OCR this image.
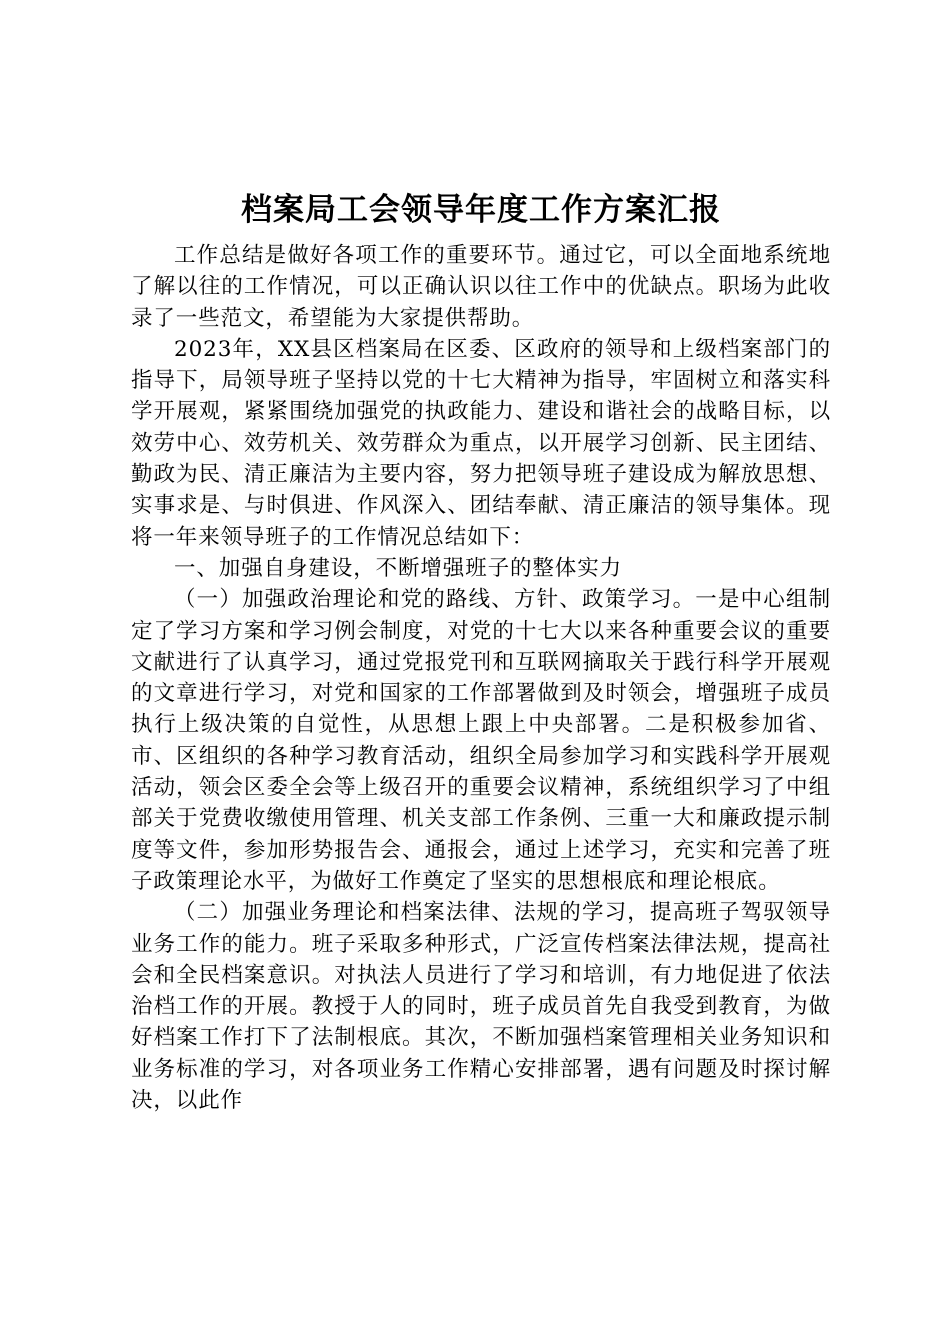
档案局工会领导年度工作方案汇报

工作总结是做好各项工作的重要环节。通过它，可以全面地系统地了解以往的工作情况，可以正确认识以往工作中的优缺点。职场为此收录了一些范文，希望能为大家提供帮助。

2023年，XX县区档案局在区委、区政府的领导和上级档案部门的指导下，局领导班子坚持以党的十七大精神为指导，牢固树立和落实科学开展观，紧紧围绕加强党的执政能力、建设和谐社会的战略目标，以效劳中心、效劳机关、效劳群众为重点，以开展学习创新、民主团结、勤政为民、清正廉洁为主要内容，努力把领导班子建设成为解放思想、实事求是、与时俱进、作风深入、团结奉献、清正廉洁的领导集体。现将一年来领导班子的工作情况总结如下：

一、加强自身建设，不断增强班子的整体实力

（一）加强政治理论和党的路线、方针、政策学习。一是中心组制定了学习方案和学习例会制度，对党的十七大以来各种重要会议的重要文献进行了认真学习，通过党报党刊和互联网摘取关于践行科学开展观的文章进行学习，对党和国家的工作部署做到及时领会，增强班子成员执行上级决策的自觉性，从思想上跟上中央部署。二是积极参加省、市、区组织的各种学习教育活动，组织全局参加学习和实践科学开展观活动，领会区委全会等上级召开的重要会议精神，系统组织学习了中组部关于党费收缴使用管理、机关支部工作条例、三重一大和廉政提示制度等文件，参加形势报告会、通报会，通过上述学习，充实和完善了班子政策理论水平，为做好工作奠定了坚实的思想根底和理论根底。

（二）加强业务理论和档案法律、法规的学习，提高班子驾驭领导业务工作的能力。班子采取多种形式，广泛宣传档案法律法规，提高社会和全民档案意识。对执法人员进行了学习和培训，有力地促进了依法治档工作的开展。教授于人的同时，班子成员首先自我受到教育，为做好档案工作打下了法制根底。其次，不断加强档案管理相关业务知识和业务标准的学习，对各项业务工作精心安排部署，遇有问题及时探讨解决，以此作
